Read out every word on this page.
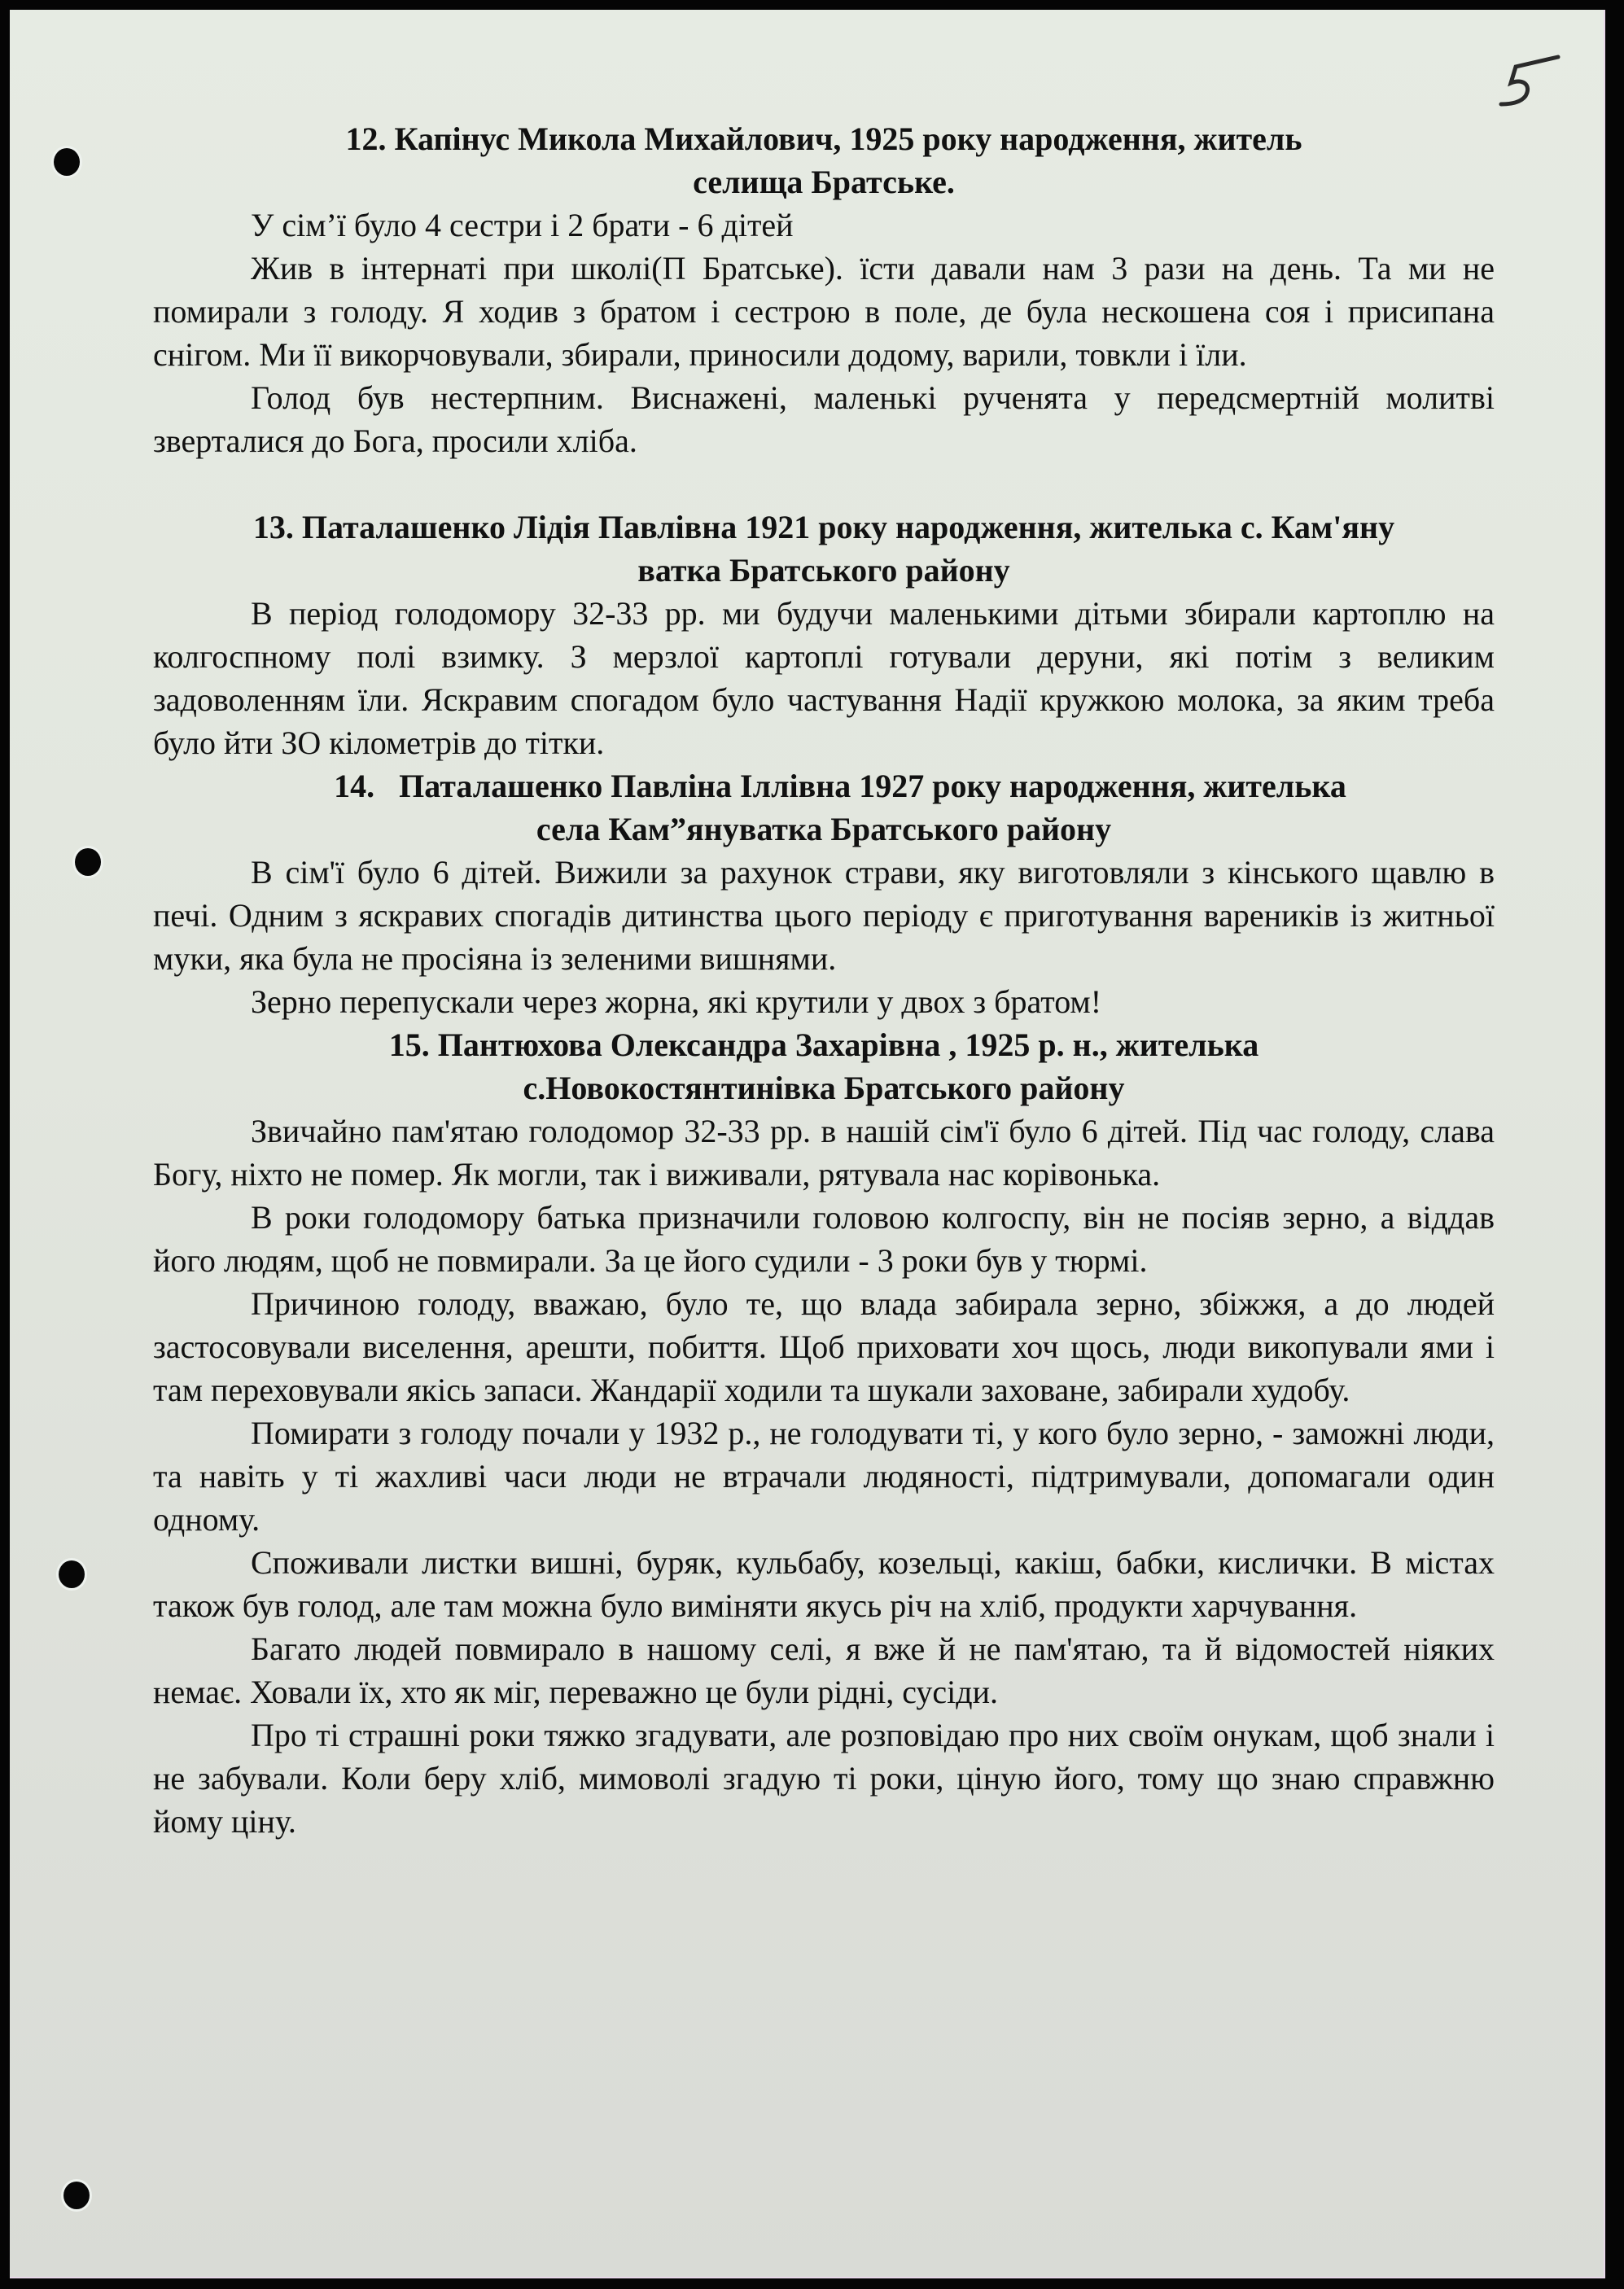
12. Капінус Микола Михайлович, 1925 року народження, житель
селища Братське.

У сім’ї було 4 сестри і 2 брати - 6 дітей

Жив в інтернаті при школі(П Братське). їсти давали нам 3 рази на день. Та ми не помирали з голоду. Я ходив з братом і сестрою в поле, де була нескошена соя і присипана снігом. Ми її викорчовували, збирали, приносили додому, варили, товкли і їли.

Голод був нестерпним. Виснажені, маленькі рученята у передсмертній молитві зверталися до Бога, просили хліба.

13. Паталашенко Лідія Павлівна 1921 року народження, жителька с. Кам'яну
ватка Братського району

В період голодомору 32-33 рр. ми будучи маленькими дітьми збирали картоплю на колгоспному полі взимку. З мерзлої картоплі готували деруни, які потім з великим задоволенням їли. Яскравим спогадом було частування Надії кружкою молока, за яким треба було йти ЗО кілометрів до тітки.

14.   Паталашенко Павліна Іллівна 1927 року народження, жителька

села Кам”януватка Братського району

В сім'ї було 6 дітей. Вижили за рахунок страви, яку виготовляли з кінського щавлю в печі. Одним з яскравих спогадів дитинства цього періоду є приготування вареників із житньої муки, яка була не просіяна із зеленими вишнями.

Зерно перепускали через жорна, які крутили у двох з братом!

15. Пантюхова Олександра Захарівна , 1925 р. н., жителька
с.Новокостянтинівка Братського району

Звичайно пам'ятаю голодомор 32-33 рр. в нашій сім'ї було 6 дітей. Під час голоду, слава Богу, ніхто не помер. Як могли, так і виживали, рятувала нас корівонька.

В роки голодомору батька призначили головою колгоспу, він не посіяв зерно, а віддав його людям, щоб не повмирали. За це його судили - 3 роки був у тюрмі.

Причиною голоду, вважаю, було те, що влада забирала зерно, збіжжя, а до людей застосовували виселення, арешти, побиття. Щоб приховати хоч щось, люди викопували ями і там переховували якісь запаси. Жандарії ходили та шукали заховане, забирали худобу.

Помирати з голоду почали у 1932 р., не голодувати ті, у кого було зерно, - заможні люди, та навіть у ті жахливі часи люди не втрачали людяності, підтримували, допомагали один одному.

Споживали листки вишні, буряк, кульбабу, козельці, какіш, бабки, кислички. В містах також був голод, але там можна було виміняти якусь річ на хліб, продукти харчування.

Багато людей повмирало в нашому селі, я вже й не пам'ятаю, та й відомостей ніяких немає. Ховали їх, хто як міг, переважно це були рідні, сусіди.

Про ті страшні роки тяжко згадувати, але розповідаю про них своїм онукам, щоб знали і не забували. Коли беру хліб, мимоволі згадую ті роки, ціную його, тому що знаю справжню йому ціну.
